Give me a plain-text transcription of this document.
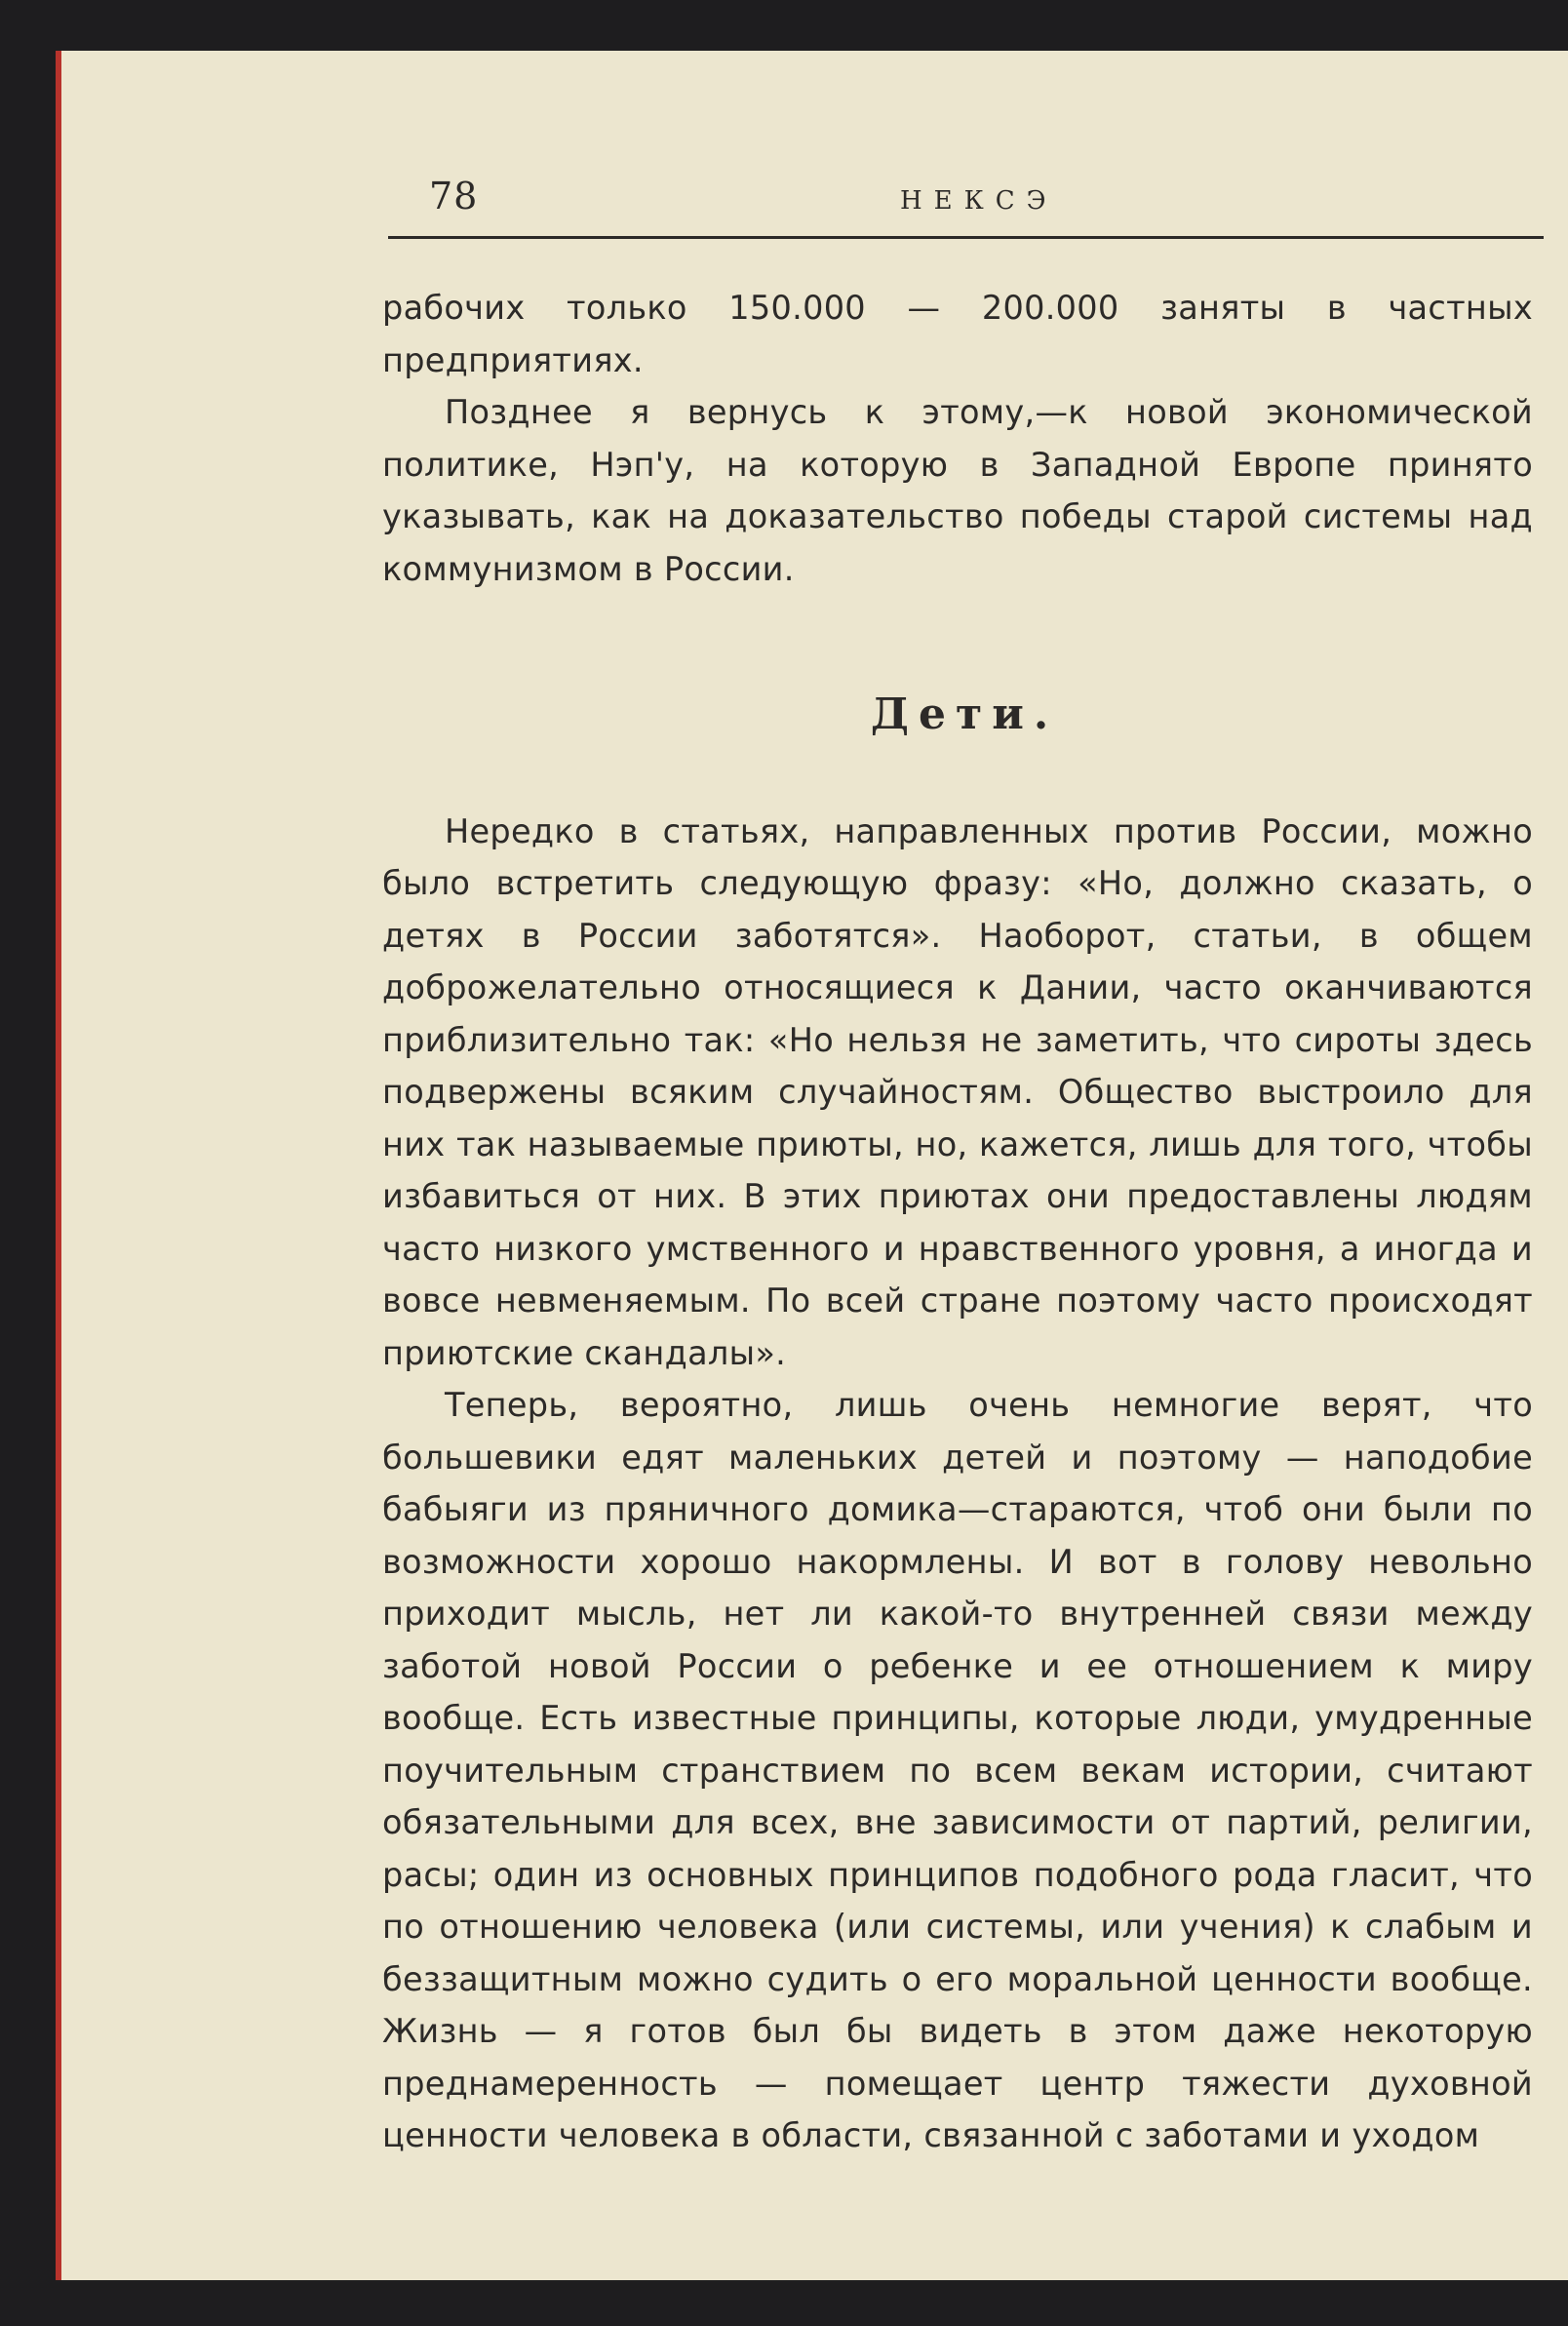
78	НЕКСЭ

рабочих только 150.000 — 200.000 заняты в частных предприятиях.

Позднее я вернусь к этому,—к новой экономической политике, Нэп'у, на которую в Западной Европе принято указывать, как на доказательство победы старой системы над коммунизмом в России.

Дети.

Нередко в статьях, направленных против России, можно было встретить следующую фразу: «Но, должно сказать, о детях в России заботятся». Наоборот, статьи, в общем доброжелательно относящиеся к Дании, часто оканчиваются приблизительно так: «Но нельзя не заметить, что сироты здесь подвержены всяким случайностям. Общество выстроило для них так называемые приюты, но, кажется, лишь для того, чтобы избавиться от них. В этих приютах они предоставлены людям часто низкого умственного и нравственного уровня, а иногда и вовсе невменяемым. По всей стране поэтому часто происходят приютские скандалы».

Теперь, вероятно, лишь очень немногие верят, что большевики едят маленьких детей и поэтому — наподобие бабыяги из пряничного домика—стараются, чтоб они были по возможности хорошо накормлены. И вот в голову невольно приходит мысль, нет ли какой-то внутренней связи между заботой новой России о ребенке и ее отношением к миру вообще. Есть известные принципы, которые люди, умудренные поучительным странствием по всем векам истории, считают обязательными для всех, вне зависимости от партий, религии, расы; один из основных принципов подобного рода гласит, что по отношению человека (или системы, или учения) к слабым и беззащитным можно судить о его моральной ценности вообще. Жизнь — я готов был бы видеть в этом даже некоторую преднамеренность — помещает центр тяжести духовной ценности человека в области, связанной с заботами и уходом
